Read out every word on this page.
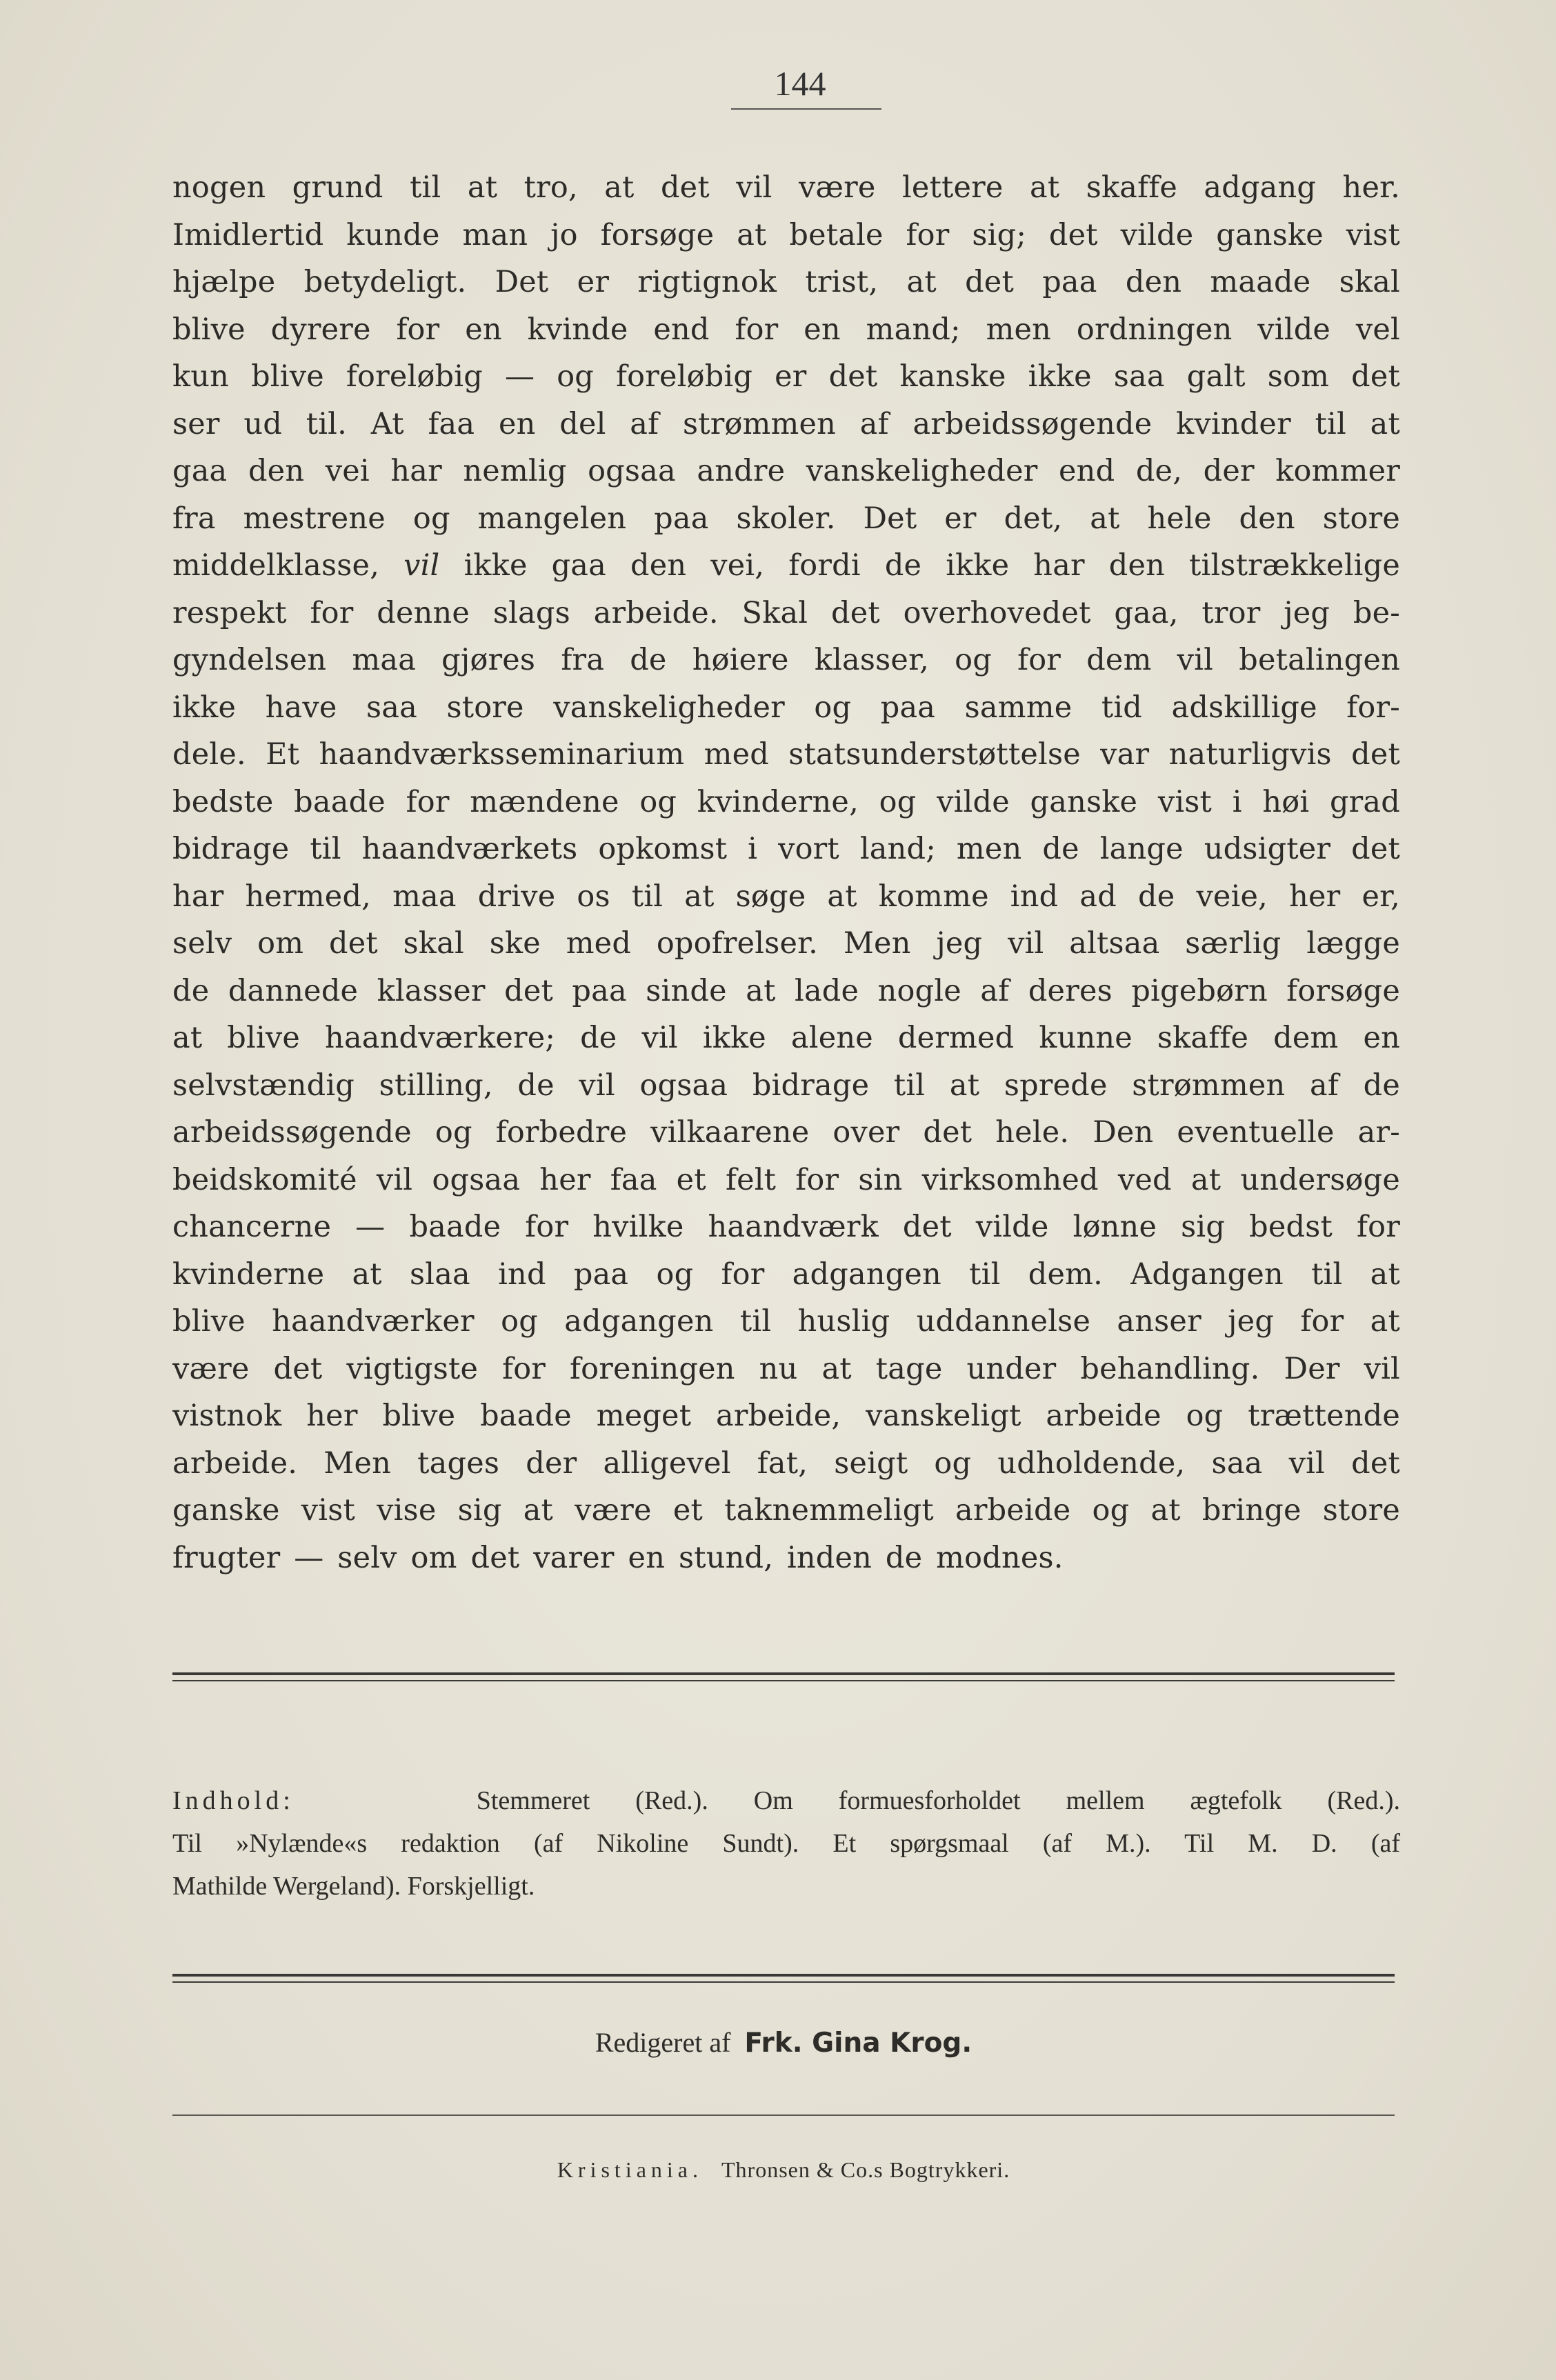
144
nogen grund til at tro, at det vil være lettere at skaffe adgang her.
Imidlertid kunde man jo forsøge at betale for sig; det vilde ganske vist
hjælpe betydeligt. Det er rigtignok trist, at det paa den maade skal
blive dyrere for en kvinde end for en mand; men ordningen vilde vel
kun blive foreløbig — og foreløbig er det kanske ikke saa galt som det
ser ud til. At faa en del af strømmen af arbeidssøgende kvinder til at
gaa den vei har nemlig ogsaa andre vanskeligheder end de, der kommer
fra mestrene og mangelen paa skoler. Det er det, at hele den store
middelklasse, vil ikke gaa den vei, fordi de ikke har den tilstrækkelige
respekt for denne slags arbeide. Skal det overhovedet gaa, tror jeg be-
gyndelsen maa gjøres fra de høiere klasser, og for dem vil betalingen
ikke have saa store vanskeligheder og paa samme tid adskillige for-
dele. Et haandværksseminarium med statsunderstøttelse var naturligvis det
bedste baade for mændene og kvinderne, og vilde ganske vist i høi grad
bidrage til haandværkets opkomst i vort land; men de lange udsigter det
har hermed, maa drive os til at søge at komme ind ad de veie, her er,
selv om det skal ske med opofrelser. Men jeg vil altsaa særlig lægge
de dannede klasser det paa sinde at lade nogle af deres pigebørn forsøge
at blive haandværkere; de vil ikke alene dermed kunne skaffe dem en
selvstændig stilling, de vil ogsaa bidrage til at sprede strømmen af de
arbeidssøgende og forbedre vilkaarene over det hele. Den eventuelle ar-
beidskomité vil ogsaa her faa et felt for sin virksomhed ved at undersøge
chancerne — baade for hvilke haandværk det vilde lønne sig bedst for
kvinderne at slaa ind paa og for adgangen til dem. Adgangen til at
blive haandværker og adgangen til huslig uddannelse anser jeg for at
være det vigtigste for foreningen nu at tage under behandling. Der vil
vistnok her blive baade meget arbeide, vanskeligt arbeide og trættende
arbeide. Men tages der alligevel fat, seigt og udholdende, saa vil det
ganske vist vise sig at være et taknemmeligt arbeide og at bringe store
frugter — selv om det varer en stund, inden de modnes.
Indhold:	Stemmeret (Red.). Om formuesforholdet mellem ægtefolk (Red.).
Til »Nylænde«s redaktion (af Nikoline Sundt). Et spørgsmaal (af M.). Til M. D. (af
Mathilde Wergeland). Forskjelligt.
Redigeret af Frk. Gina Krog.
Kristiania. Thronsen & Co.s Bogtrykkeri.
